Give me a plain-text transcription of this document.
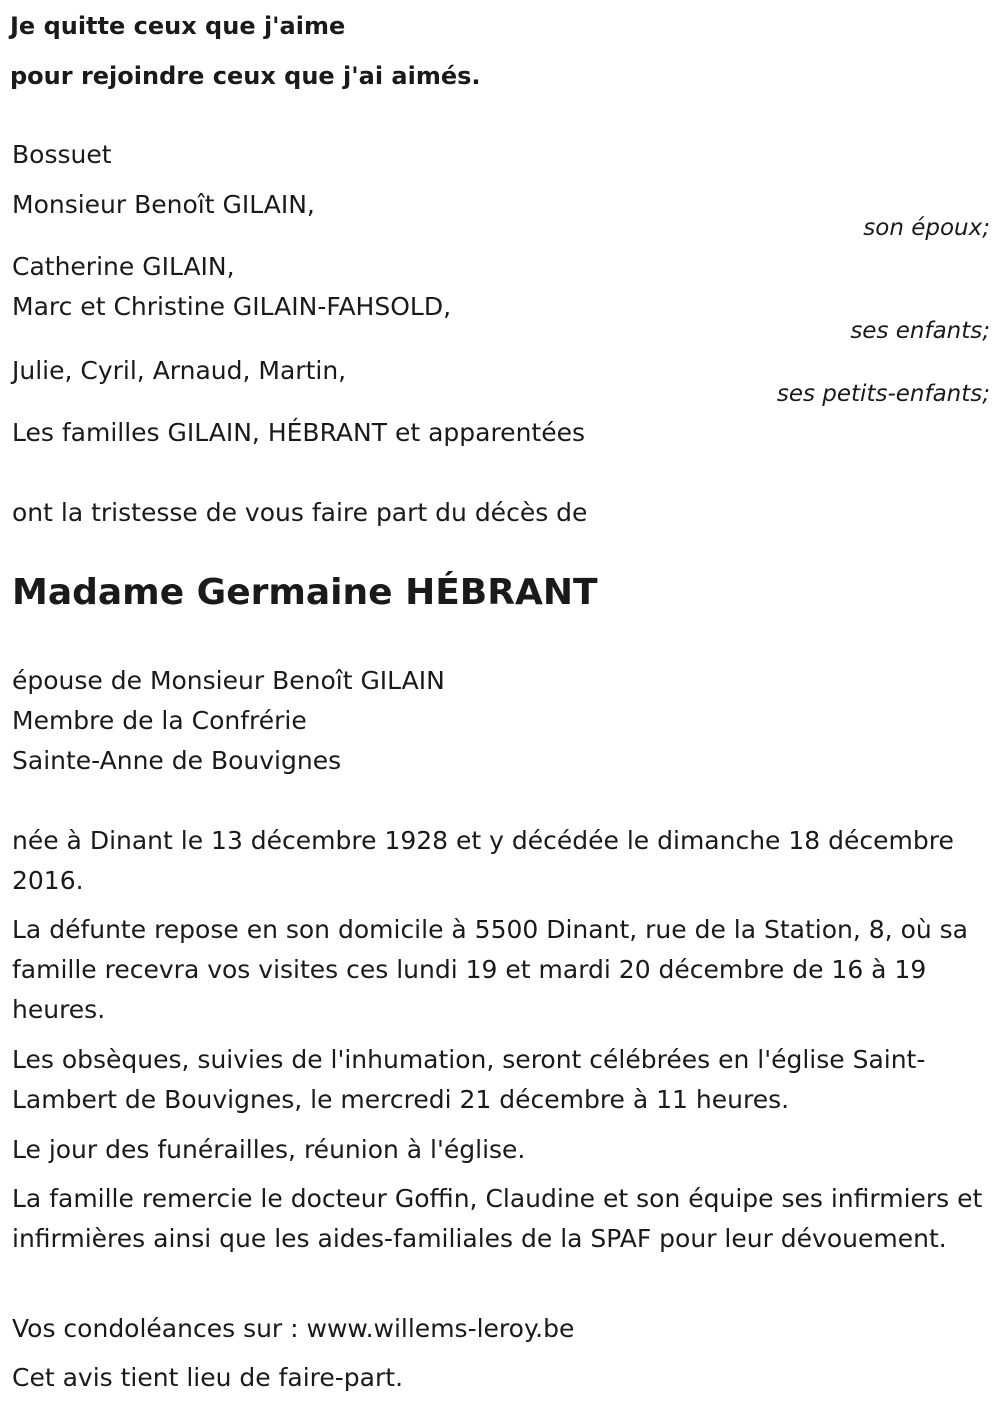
Je quitte ceux que j'aime
pour rejoindre ceux que j'ai aimés.
Bossuet
Monsieur Benoît GILAIN,
son époux;
Catherine GILAIN,
Marc et Christine GILAIN-FAHSOLD,
ses enfants;
Julie, Cyril, Arnaud, Martin,
ses petits-enfants;
Les familles GILAIN, HÉBRANT et apparentées
ont la tristesse de vous faire part du décès de
Madame Germaine HÉBRANT
épouse de Monsieur Benoît GILAIN
Membre de la Confrérie
Sainte-Anne de Bouvignes
née à Dinant le 13 décembre 1928 et y décédée le dimanche 18 décembre 2016.
La défunte repose en son domicile à 5500 Dinant, rue de la Station, 8, où sa famille recevra vos visites ces lundi 19 et mardi 20 décembre de 16 à 19 heures.
Les obsèques, suivies de l'inhumation, seront célébrées en l'église Saint-Lambert de Bouvignes, le mercredi 21 décembre à 11 heures.
Le jour des funérailles, réunion à l'église.
La famille remercie le docteur Goffin, Claudine et son équipe ses infirmiers et infirmières ainsi que les aides-familiales de la SPAF pour leur dévouement.
Vos condoléances sur : www.willems-leroy.be
Cet avis tient lieu de faire-part.
